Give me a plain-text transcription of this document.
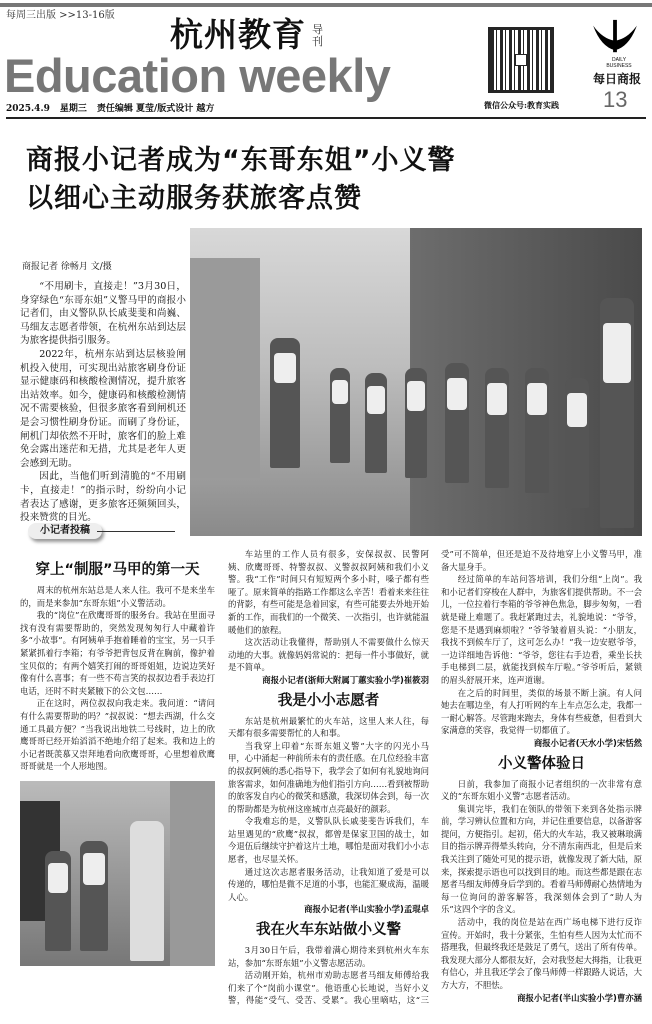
每周三出版 >>13-16版 杭州教育 导刊
Education weekly
2025.4.9 星期三 责任编辑 夏莹/版式设计 越方	微信公众号:教育实践
DAILY BUSINESS
每日商报
13
商报小记者成为“东哥东姐”小义警
以细心主动服务获旅客点赞
商报记者 徐畅月 文/摄

“不用刷卡，直接走！”3月30日，身穿绿色“东哥东姐”义警马甲的商报小记者们，由义警队队长戚斐斐和尚巍、马细友志愿者带领，在杭州东站到达层为旅客提供指引服务。

2022年，杭州东站到达层核验闸机投入使用，可实现出站旅客刷身份证显示健康码和核酸检测情况，提升旅客出站效率。如今，健康码和核酸检测情况不需要核验，但很多旅客看到闸机还是会习惯性刷身份证。而刷了身份证，闸机门却依然不开时，旅客们的脸上难免会露出迷茫和无措，尤其是老年人更会感到无助。

因此，当他们听到清脆的“不用刷卡，直接走！”的指示时，纷纷向小记者表达了感谢，更多旅客还频频回头，投来赞赏的目光。

小记者投稿
穿上“制服”马甲的第一天

周末的杭州东站总是人来人往。我可不是来坐车的，而是来参加“东哥东姐”小义警活动。

我的“岗位”在欣鹰哥哥的服务台。我站在里面寻找有没有需要帮助的，突然发现匆匆行人中藏着许多“小故事”。有阿姨单手抱着睡着的宝宝，另一只手紧紧抓着行李箱；有爷爷把背包反背在胸前，像护着宝贝似的；有两个嬉笑打闹的哥哥姐姐，边说边笑好像有什么喜事；有一些不苟言笑的叔叔边看手表边打电话，还时不时夹紧腋下的公文包……

正在这时，两位叔叔向我走来。我问道：“请问有什么需要帮助的吗？”叔叔说：“想去西湖，什么交通工具最方便？”当我说出地铁二号线时，边上的欣鹰哥哥已经开始滔滔不绝地介绍了起来。我和边上的小记者既羡慕又崇拜地看向欣鹰哥哥，心里想着欣鹰哥哥就是一个人形地图。

车站里的工作人员有很多，安保叔叔、民警阿姨、欣鹰哥哥、特警叔叔、义警叔叔阿姨和我们小义警。我“工作”时间只有短短两个多小时，嗓子都有些哑了。原来简单的指路工作都这么辛苦！看着来来往往的背影，有些可能是急着回家，有些可能要去外地开始新的工作，而我们的一个微笑、一次指引，也许就能温暖他们的旅程。

这次活动让我懂得，帮助别人不需要做什么惊天动地的大事。就像妈妈常说的：把每一件小事做好，就是不简单。

商报小记者(浙师大附属丁蕙实验小学)崔筱羽

我是小小志愿者

东站是杭州最繁忙的火车站，这里人来人往，每天都有很多需要帮忙的人和事。

当我穿上印着“东哥东姐义警”大字的闪光小马甲，心中涌起一种前所未有的责任感。在几位经验丰富的叔叔阿姨的悉心指导下，我学会了如何有礼貌地询问旅客需求，如何准确地为他们指引方向……看到被帮助的旅客发自内心的微笑和感激，我深切体会到，每一次的帮助都是为杭州这座城市点亮最好的颜彩。

令我难忘的是，义警队队长戚斐斐告诉我们，车站里遇见的“欣鹰”叔叔，都曾是保家卫国的战士，如今退伍后继续守护着这片土地，哪怕是面对我们小小志愿者，也尽显关怀。

通过这次志愿者服务活动，让我知道了爱是可以传递的，哪怕是微不足道的小事，也能汇聚成海，温暖人心。

商报小记者(半山实验小学)孟琨卓

我在火车东站做小义警

3月30日午后，我带着满心期待来到杭州火车东站，参加“东哥东姐”小义警志愿活动。

活动刚开始，杭州市劝助志愿者马细友师傅给我们来了个“岗前小课堂”。他语重心长地说，当好小义警，得能“受气、受苦、受累”。我心里嘀咕，这“三受”可不简单，但还是迫不及待地穿上小义警马甲，准备大显身手。

经过简单的车站问答培训，我们分组“上岗”。我和小记者们穿梭在人群中，为旅客们提供帮助。不一会儿，一位拉着行李箱的爷爷神色焦急，脚步匆匆，一看就是碰上难题了。我赶紧跑过去，礼貌地说：“爷爷，您是不是遇到麻烦啦？”爷爷皱着眉头说：“小朋友，我找不到候车厅了，这可怎么办！”我一边安慰爷爷，一边详细地告诉他：“爷爷，您往右手边看，乘坐长扶手电梯到二层，就能找到候车厅啦。”爷爷听后，紧锁的眉头舒展开来，连声道谢。

在之后的时间里，类似的场景不断上演。有人问她去在哪边坐，有人打听网约车上车点怎么走，我都一一耐心解答。尽管跑来跑去，身体有些疲惫，但看到大家满意的笑容，我觉得一切都值了。

商报小记者(天水小学)宋恬然

小义警体验日

日前，我参加了商报小记者组织的一次非常有意义的“东哥东姐小义警”志愿者活动。

集训完毕，我们在领队的带领下来到各处指示牌前，学习辨认位置和方向，并记住重要信息，以备游客提问，方便指引。起初，偌大的火车站，我又被琳琅满目的指示牌弄得晕头转向，分不清东南西北，但是后来我关注到了随处可见的提示语，就像发现了新大陆，原来，探索提示语也可以找到目的地。而这些都是跟在志愿者马细友师傅身后学到的。看着马师傅耐心热情地为每一位询问的游客解答，我深刻体会到了“助人为乐”这四个字的含义。

活动中，我的岗位是站在西广场电梯下进行反诈宣传。开始时，我十分紧张，生怕有些人因为太忙而不搭理我，但最终我还是鼓足了勇气，送出了所有传单。我发现大部分人都很友好，会对我竖起大拇指，让我更有信心，并且我还学会了像马师傅一样跟路人说话，大方大方，不胆怯。

商报小记者(半山实验小学)曹亦涵
